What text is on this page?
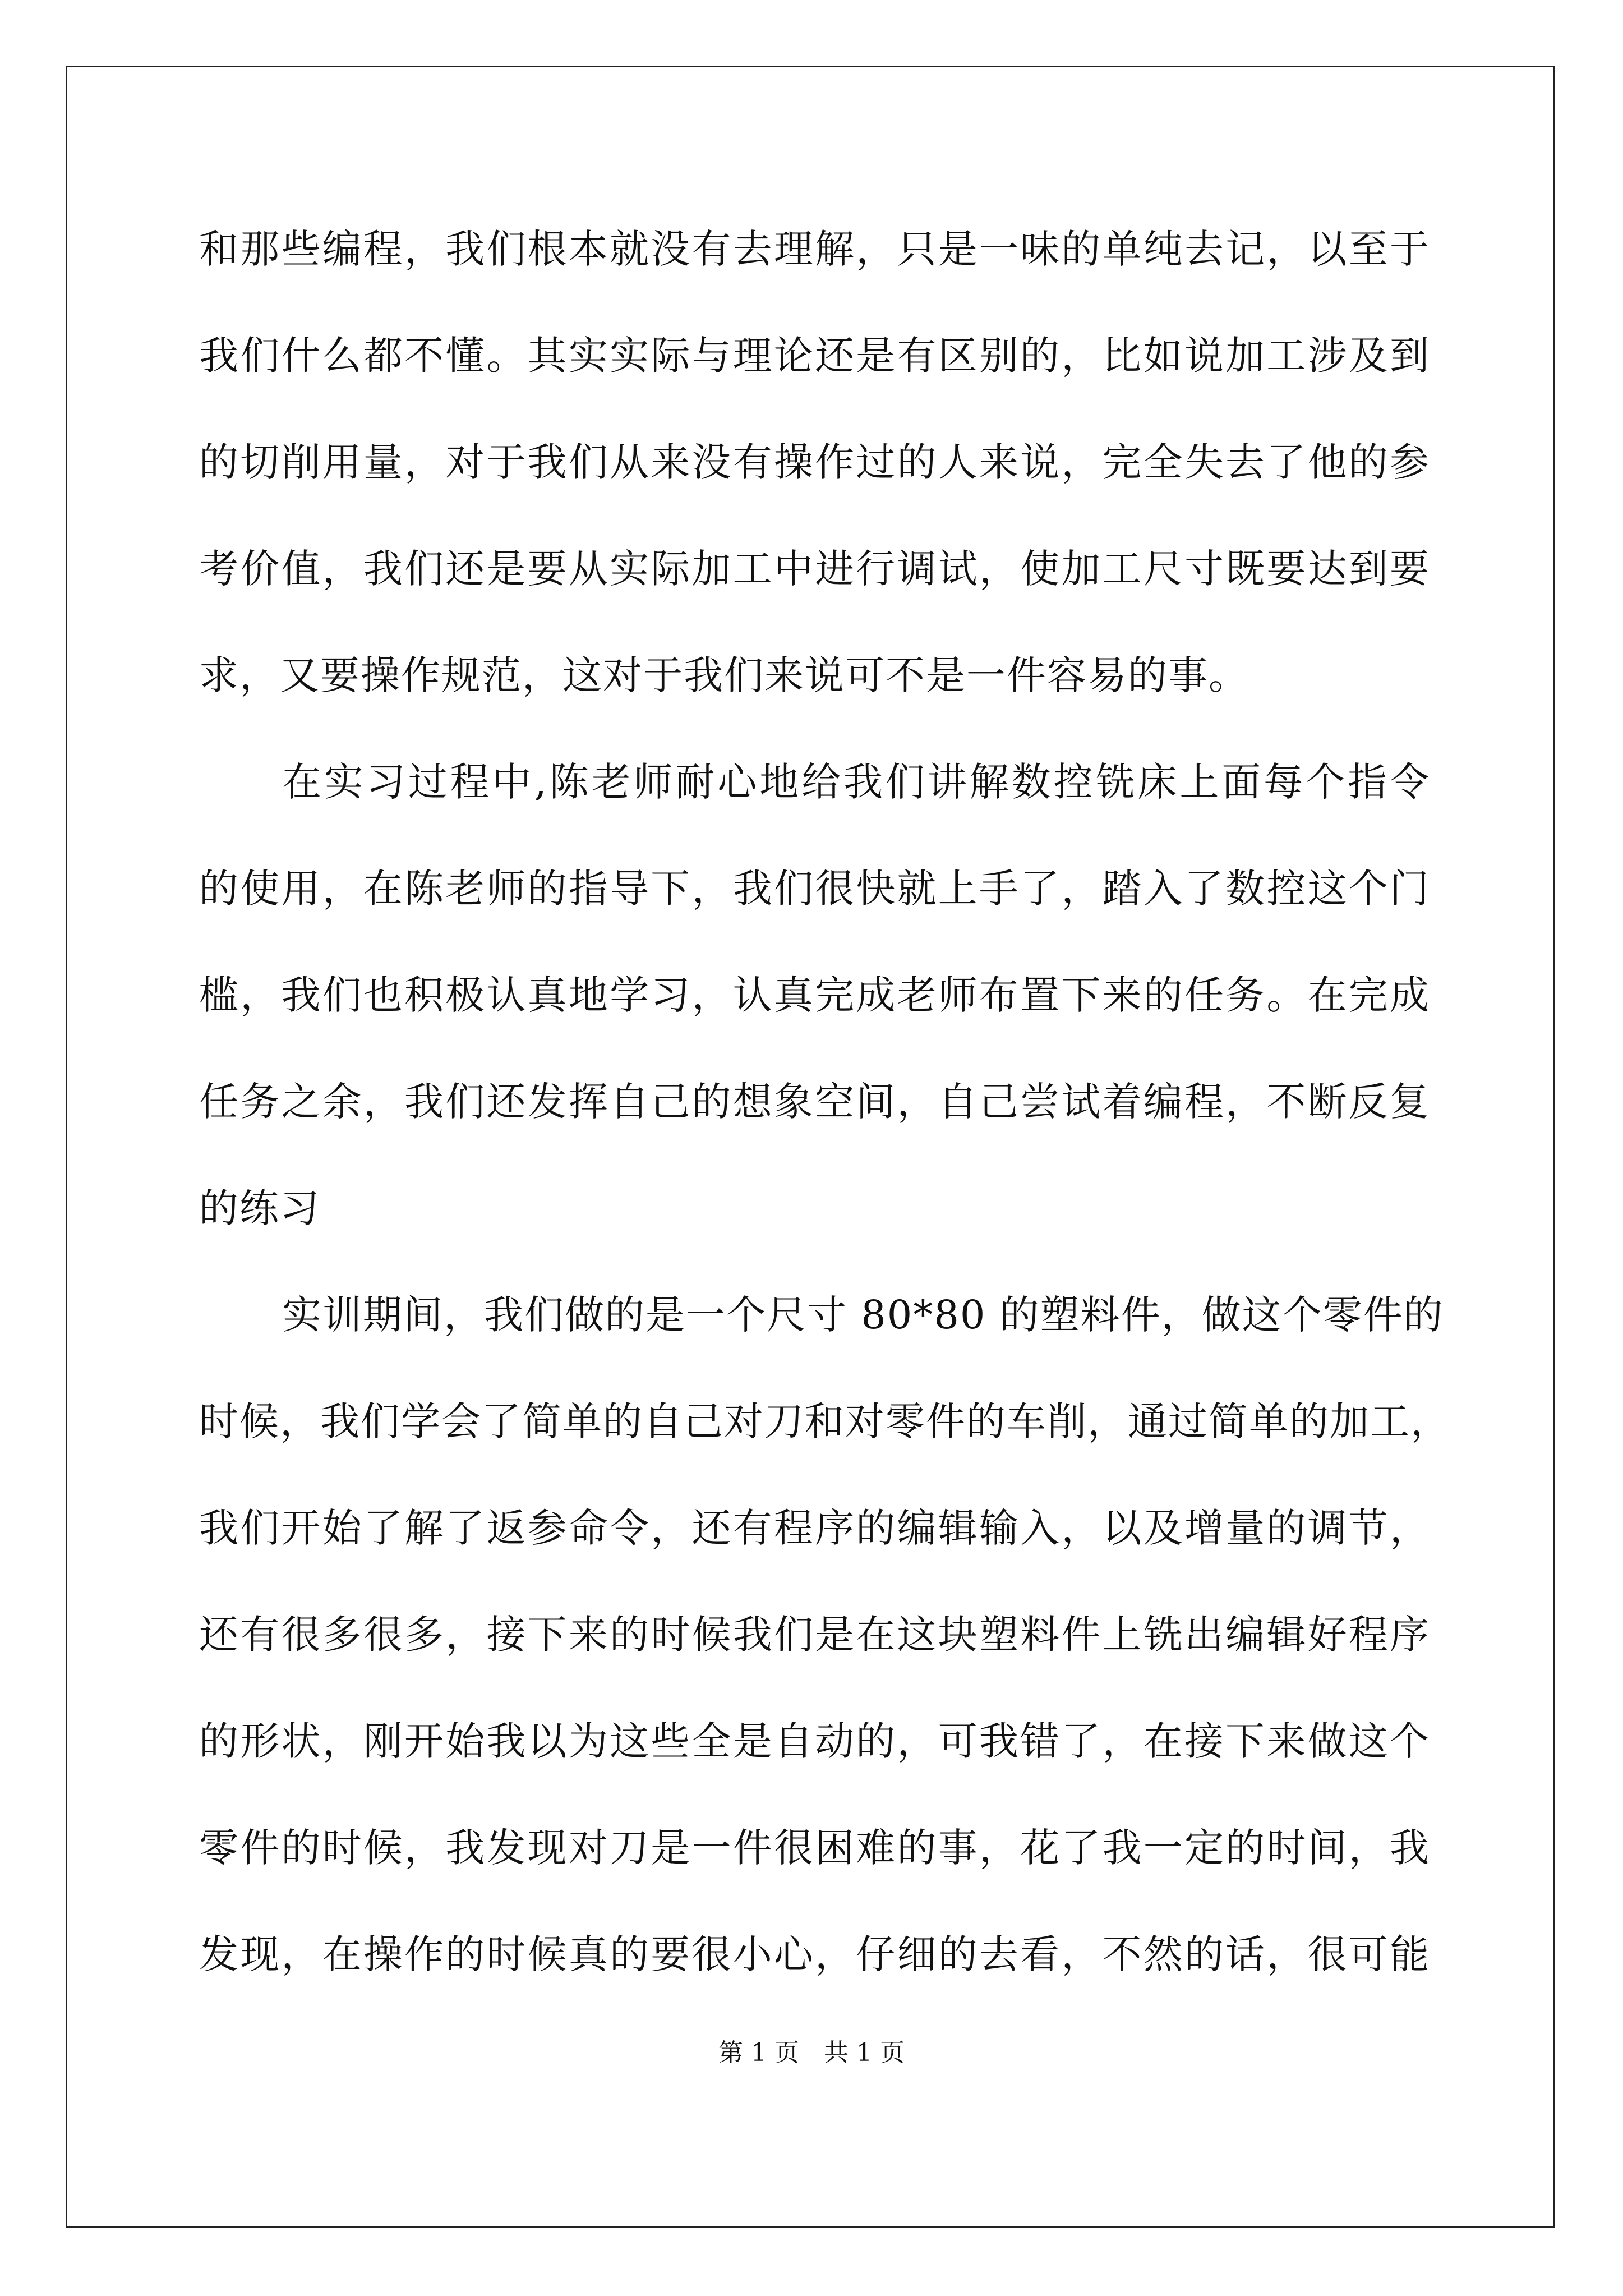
和那些编程，我们根本就没有去理解，只是一味的单纯去记，以至于
我们什么都不懂。其实实际与理论还是有区别的，比如说加工涉及到
的切削用量，对于我们从来没有操作过的人来说，完全失去了他的参
考价值，我们还是要从实际加工中进行调试，使加工尺寸既要达到要
求，又要操作规范，这对于我们来说可不是一件容易的事。
在实习过程中,陈老师耐心地给我们讲解数控铣床上面每个指令
的使用，在陈老师的指导下，我们很快就上手了，踏入了数控这个门
槛，我们也积极认真地学习，认真完成老师布置下来的任务。在完成
任务之余，我们还发挥自己的想象空间，自己尝试着编程，不断反复
的练习
实训期间，我们做的是一个尺寸 80*80 的塑料件，做这个零件的
时候，我们学会了简单的自己对刀和对零件的车削，通过简单的加工，
我们开始了解了返参命令，还有程序的编辑输入，以及增量的调节，
还有很多很多，接下来的时候我们是在这块塑料件上铣出编辑好程序
的形状，刚开始我以为这些全是自动的，可我错了，在接下来做这个
零件的时候，我发现对刀是一件很困难的事，花了我一定的时间，我
发现，在操作的时候真的要很小心，仔细的去看，不然的话，很可能
第 1 页　共 1 页
